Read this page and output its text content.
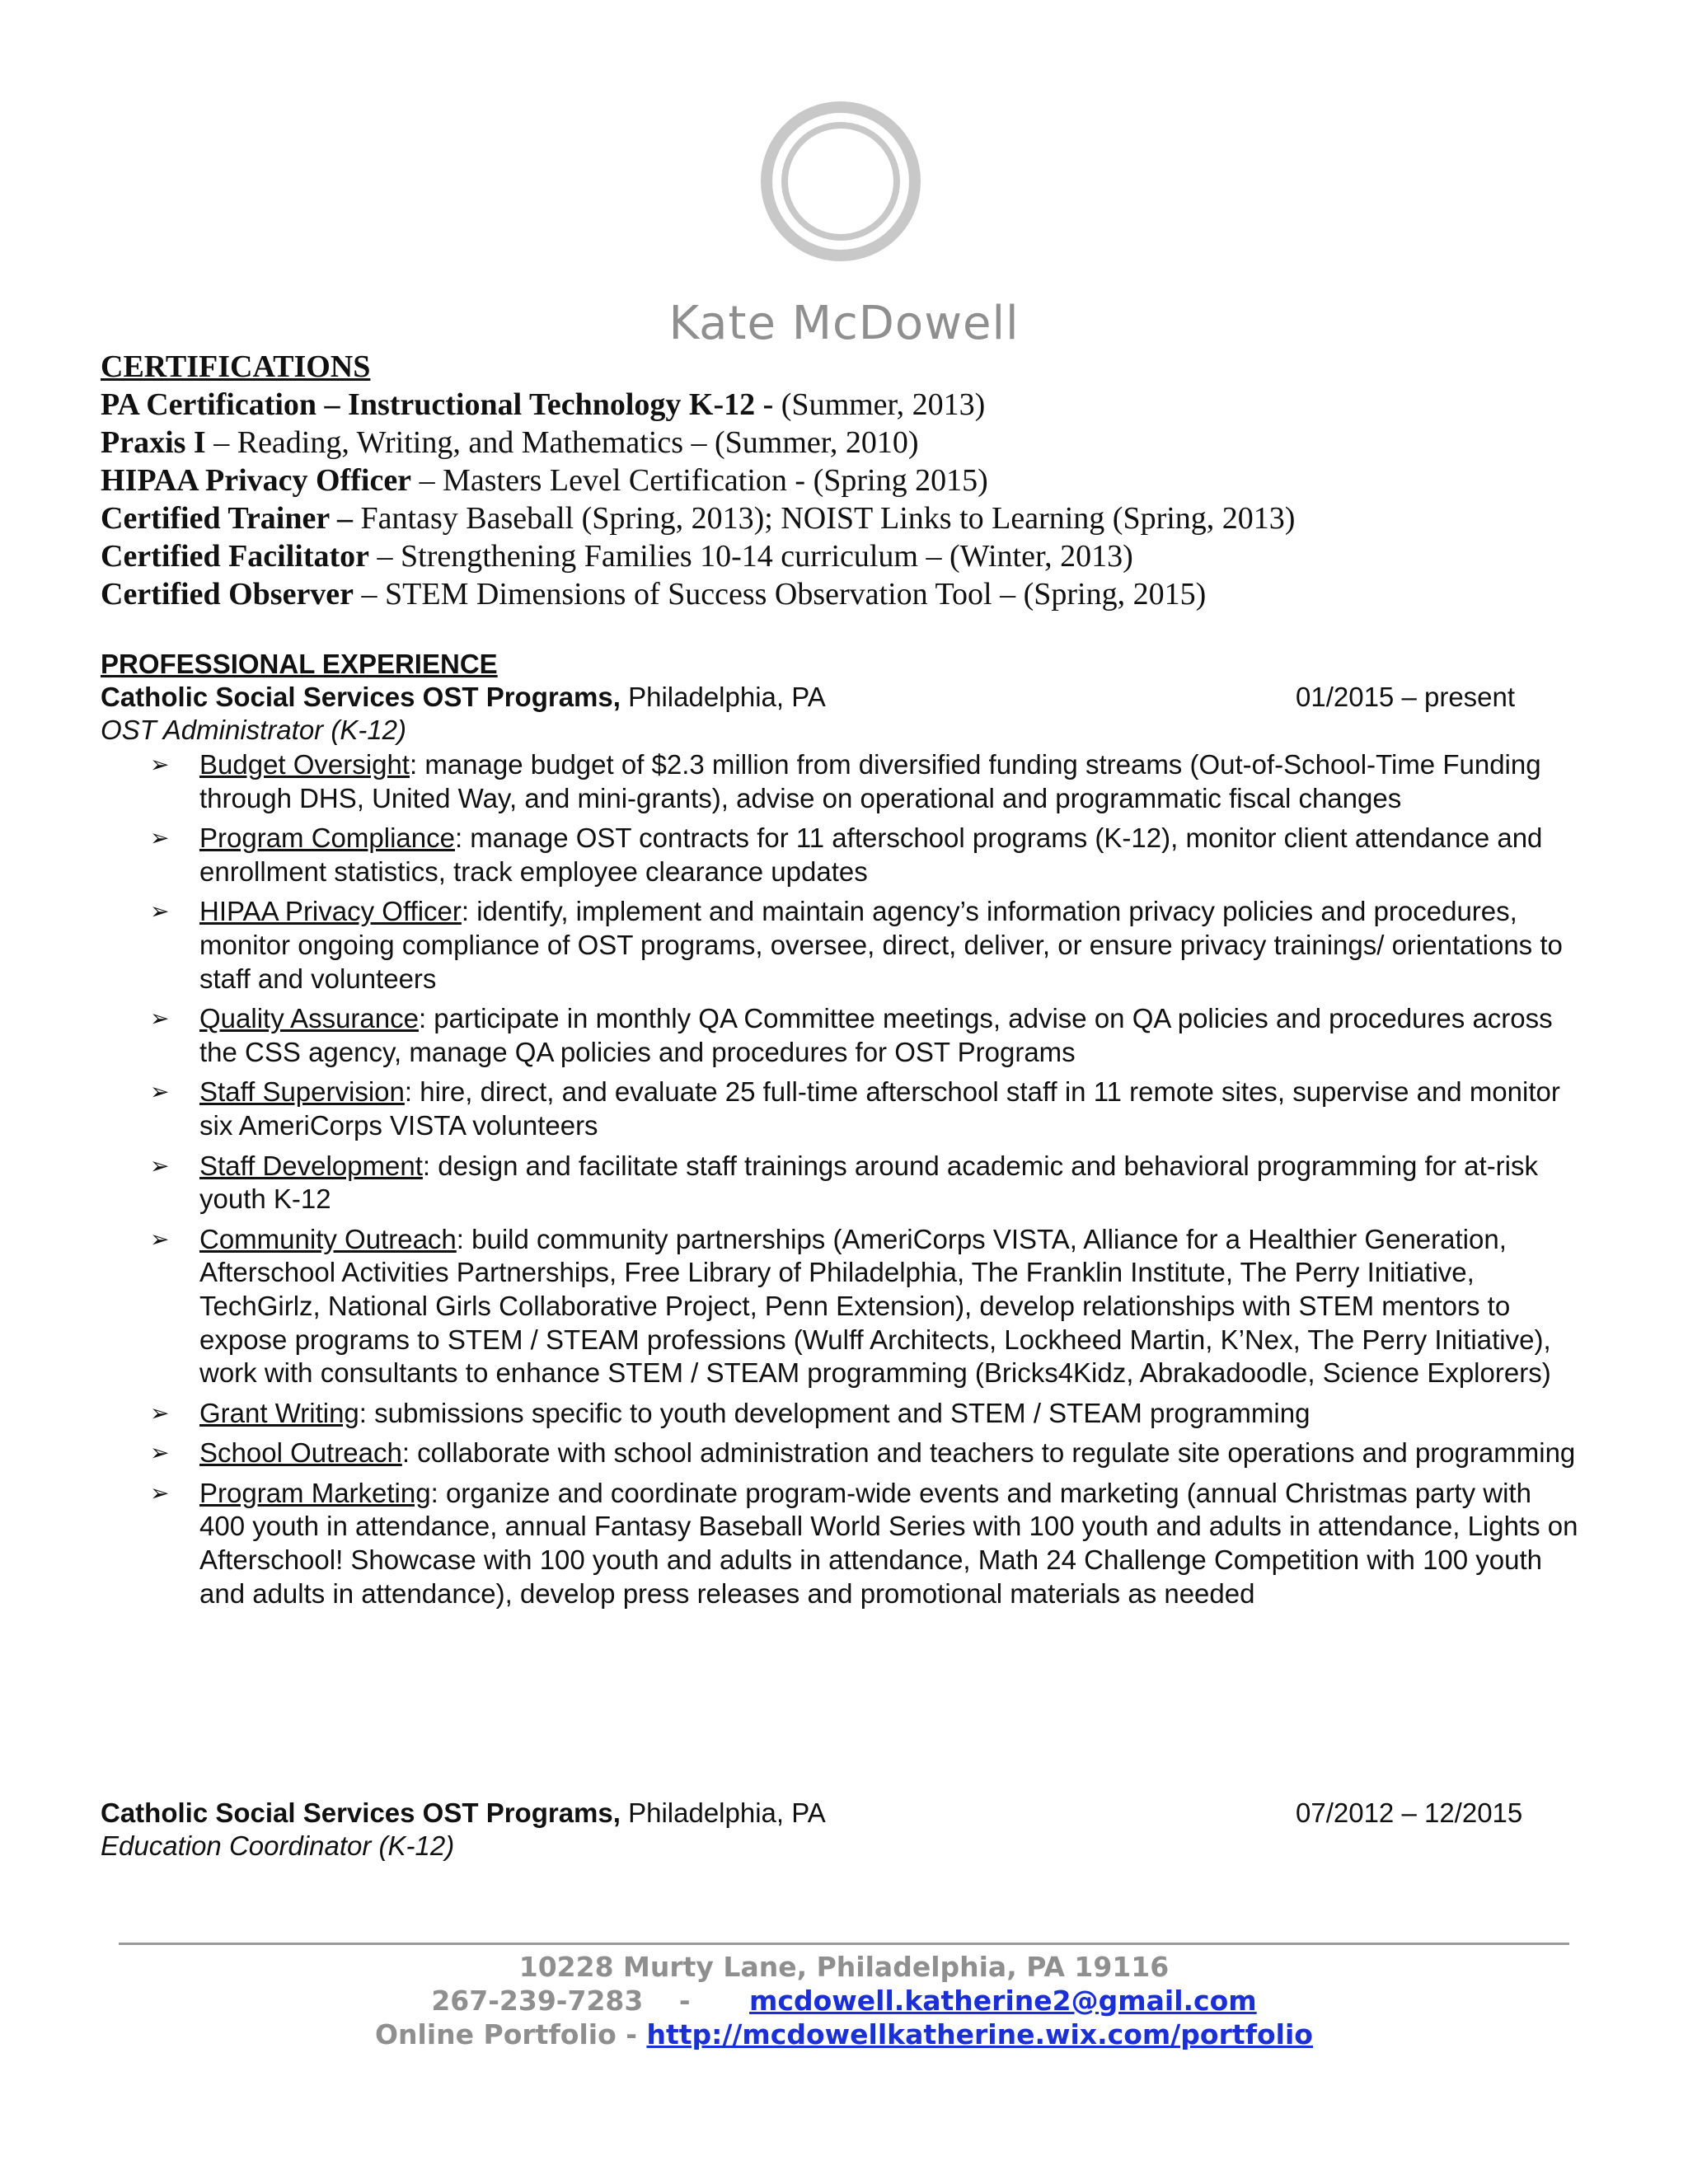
Kate McDowell
CERTIFICATIONS
PA Certification – Instructional Technology K-12 - (Summer, 2013)
Praxis I – Reading, Writing, and Mathematics – (Summer, 2010)
HIPAA Privacy Officer – Masters Level Certification - (Spring 2015)
Certified Trainer – Fantasy Baseball (Spring, 2013); NOIST Links to Learning (Spring, 2013)
Certified Facilitator – Strengthening Families 10-14 curriculum – (Winter, 2013)
Certified Observer – STEM Dimensions of Success Observation Tool – (Spring, 2015)
PROFESSIONAL EXPERIENCE
Catholic Social Services OST Programs, Philadelphia, PA	01/2015 – present
OST Administrator (K-12)
➢ Budget Oversight: manage budget of $2.3 million from diversified funding streams (Out-of-School-Time Funding through DHS, United Way, and mini-grants), advise on operational and programmatic fiscal changes
➢ Program Compliance: manage OST contracts for 11 afterschool programs (K-12), monitor client attendance and enrollment statistics, track employee clearance updates
➢ HIPAA Privacy Officer: identify, implement and maintain agency’s information privacy policies and procedures, monitor ongoing compliance of OST programs, oversee, direct, deliver, or ensure privacy trainings/ orientations to staff and volunteers
➢ Quality Assurance: participate in monthly QA Committee meetings, advise on QA policies and procedures across the CSS agency, manage QA policies and procedures for OST Programs
➢ Staff Supervision: hire, direct, and evaluate 25 full-time afterschool staff in 11 remote sites, supervise and monitor six AmeriCorps VISTA volunteers
➢ Staff Development: design and facilitate staff trainings around academic and behavioral programming for at-risk youth K-12
➢ Community Outreach: build community partnerships (AmeriCorps VISTA, Alliance for a Healthier Generation, Afterschool Activities Partnerships, Free Library of Philadelphia, The Franklin Institute, The Perry Initiative, TechGirlz, National Girls Collaborative Project, Penn Extension), develop relationships with STEM mentors to expose programs to STEM / STEAM professions (Wulff Architects, Lockheed Martin, K’Nex, The Perry Initiative), work with consultants to enhance STEM / STEAM programming (Bricks4Kidz, Abrakadoodle, Science Explorers)
➢ Grant Writing: submissions specific to youth development and STEM / STEAM programming
➢ School Outreach: collaborate with school administration and teachers to regulate site operations and programming
➢ Program Marketing: organize and coordinate program-wide events and marketing (annual Christmas party with 400 youth in attendance, annual Fantasy Baseball World Series with 100 youth and adults in attendance, Lights on Afterschool! Showcase with 100 youth and adults in attendance, Math 24 Challenge Competition with 100 youth and adults in attendance), develop press releases and promotional materials as needed
Catholic Social Services OST Programs, Philadelphia, PA	07/2012 – 12/2015
Education Coordinator (K-12)
10228 Murty Lane, Philadelphia, PA 19116
267-239-7283 - mcdowell.katherine2@gmail.com
Online Portfolio - http://mcdowellkatherine.wix.com/portfolio
